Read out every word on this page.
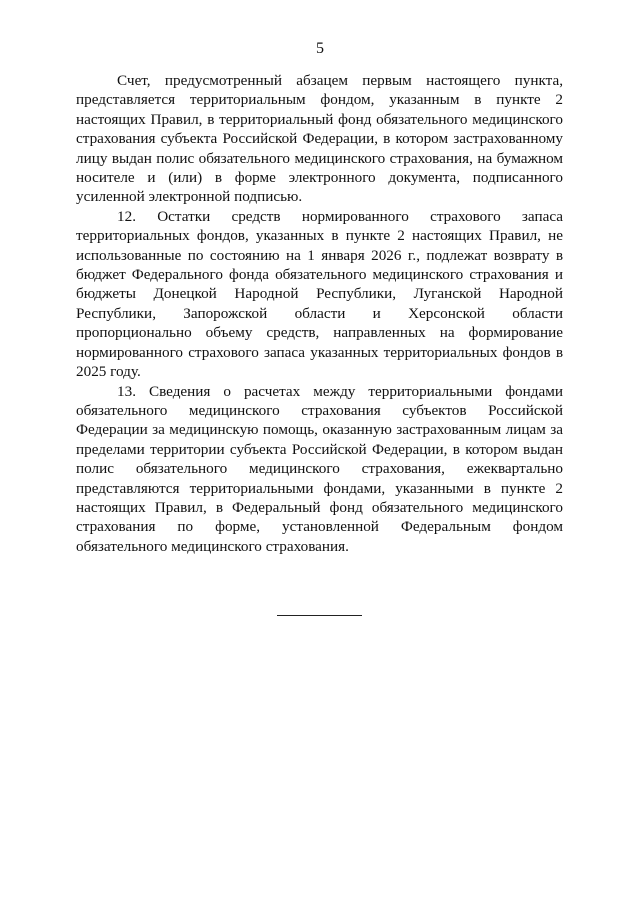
5

Счет, предусмотренный абзацем первым настоящего пункта, представляется территориальным фондом, указанным в пункте 2 настоящих Правил, в территориальный фонд обязательного медицинского страхования субъекта Российской Федерации, в котором застрахованному лицу выдан полис обязательного медицинского страхования, на бумажном носителе и (или) в форме электронного документа, подписанного усиленной электронной подписью.

12. Остатки средств нормированного страхового запаса территориальных фондов, указанных в пункте 2 настоящих Правил, не использованные по состоянию на 1 января 2026 г., подлежат возврату в бюджет Федерального фонда обязательного медицинского страхования и бюджеты Донецкой Народной Республики, Луганской Народной Республики, Запорожской области и Херсонской области пропорционально объему средств, направленных на формирование нормированного страхового запаса указанных территориальных фондов в 2025 году.

13. Сведения о расчетах между территориальными фондами обязательного медицинского страхования субъектов Российской Федерации за медицинскую помощь, оказанную застрахованным лицам за пределами территории субъекта Российской Федерации, в котором выдан полис обязательного медицинского страхования, ежеквартально представляются территориальными фондами, указанными в пункте 2 настоящих Правил, в Федеральный фонд обязательного медицинского страхования по форме, установленной Федеральным фондом обязательного медицинского страхования.
